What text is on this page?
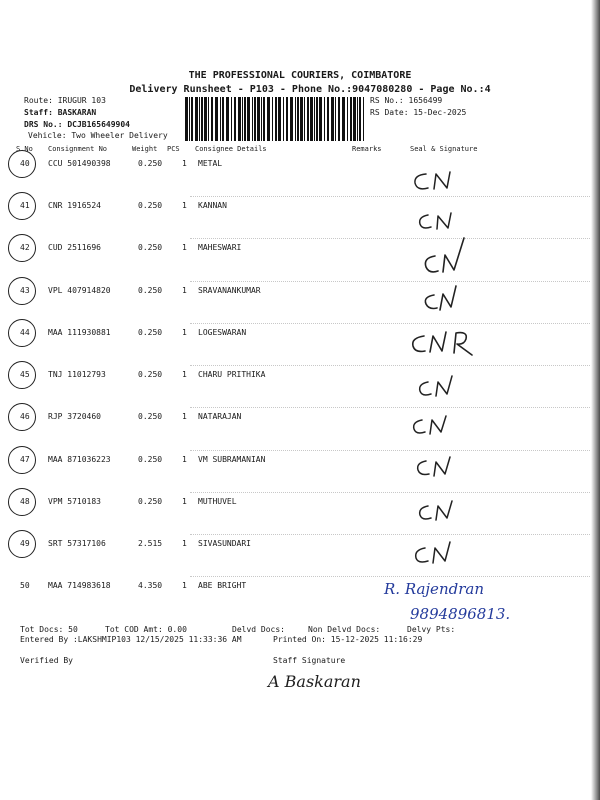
THE PROFESSIONAL COURIERS, COIMBATORE
Delivery Runsheet - P103 - Phone No.:9047080280 - Page No.:4
Route: IRUGUR 103
Staff: BASKARAN
DRS No.: DCJB165649904
Vehicle: Two Wheeler Delivery
RS No.: 1656499
RS Date: 15-Dec-2025
S.No Consignment No	Weight PCS Consignee Details	Remarks	Seal & Signature
40 CCU 501490398	0.250 1 METAL
41 CNR 1916524	0.250 1 KANNAN
42 CUD 2511696	0.250 1 MAHESWARI
43 VPL 407914820	0.250 1 SRAVANANKUMAR
44 MAA 111930881	0.250 1 LOGESWARAN
45 TNJ 11012793	0.250 1 CHARU PRITHIKA
46 RJP 3720460	0.250 1 NATARAJAN
47 MAA 871036223	0.250 1 VM SUBRAMANIAN
48 VPM 5710183	0.250 1 MUTHUVEL
49 SRT 57317106	2.515 1 SIVASUNDARI
50 MAA 714983618	4.350 1 ABE BRIGHT	R. Rajendran
9894896813.
Tot Docs: 50	Tot COD Amt: 0.00	Delvd Docs:	Non Delvd Docs:	Delvy Pts:
Entered By :LAKSHMIP103 12/15/2025 11:33:36 AM	Printed On: 15-12-2025 11:16:29
Verified By	Staff Signature
A Baskaran
